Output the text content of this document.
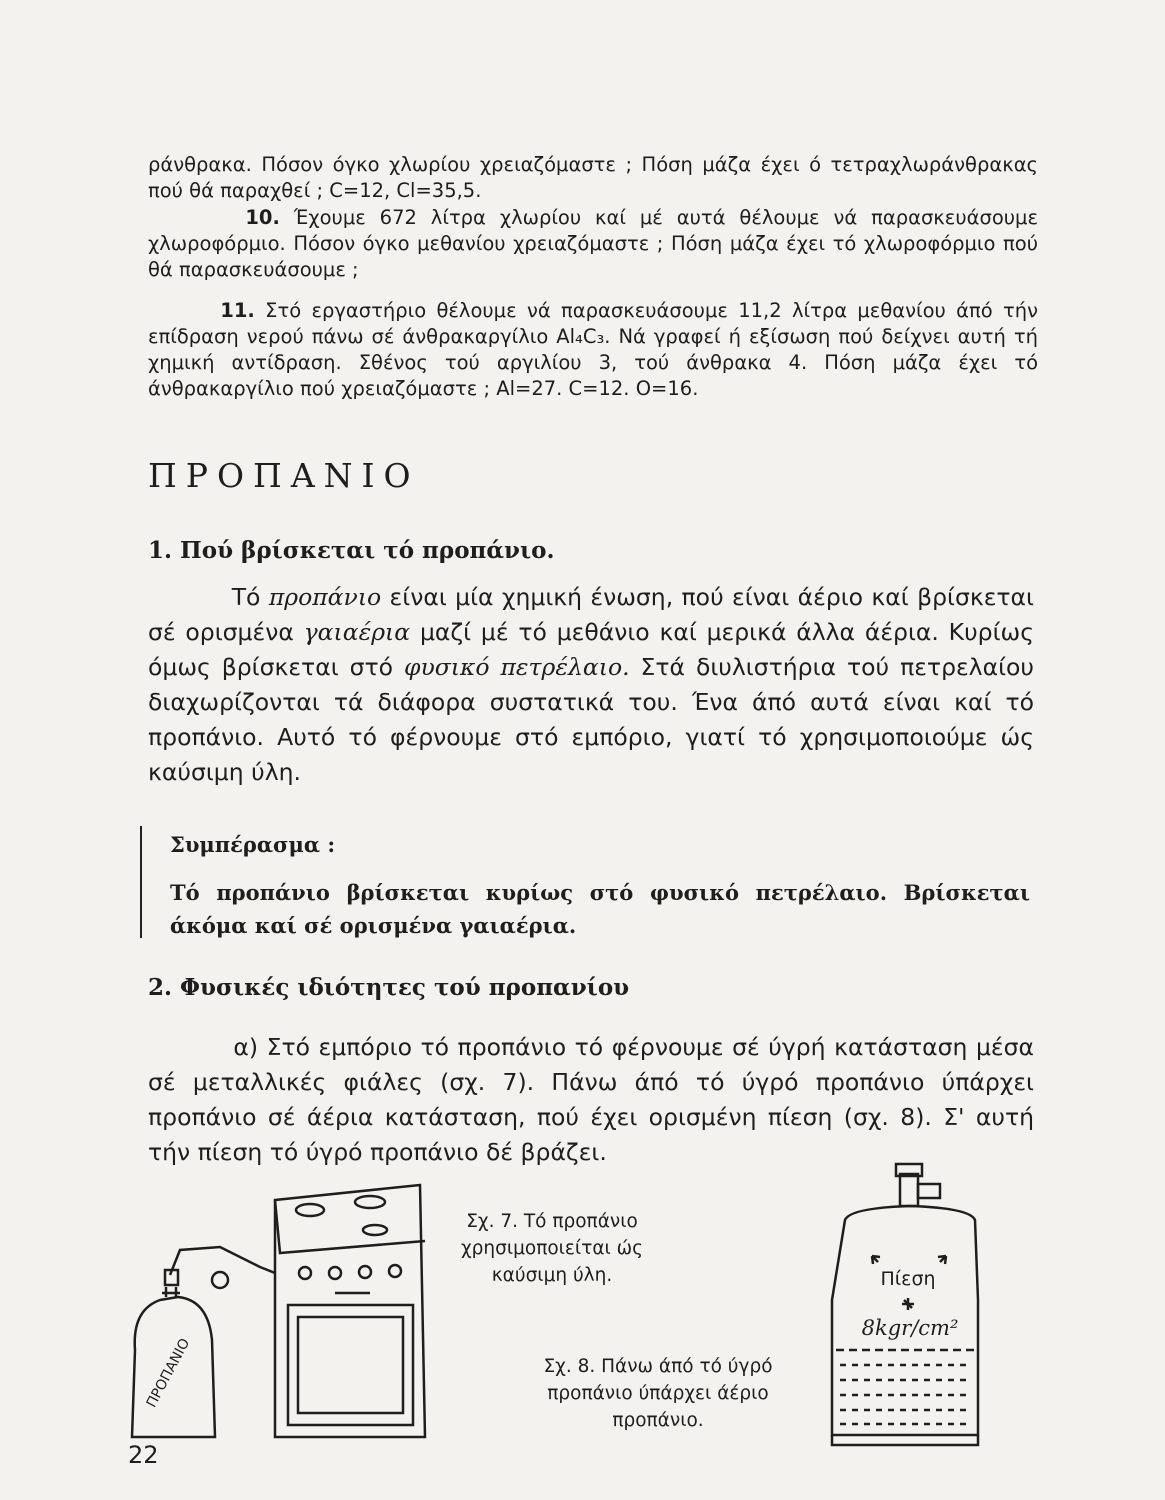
ράνθρακα. Πόσον όγκο χλωρίου χρειαζόμαστε ; Πόση μάζα έχει ό τετραχλωράνθρακας πού θά παραχθεί ; C=12, Cl=35,5.
10. Έχουμε 672 λίτρα χλωρίου καί μέ αυτά θέλουμε νά παρασκευάσουμε χλωροφόρμιο. Πόσον όγκο μεθανίου χρειαζόμαστε ; Πόση μάζα έχει τό χλωροφόρμιο πού θά παρασκευάσουμε ;
11. Στό εργαστήριο θέλουμε νά παρασκευάσουμε 11,2 λίτρα μεθανίου άπό τήν επίδραση νερού πάνω σέ άνθρακαργίλιο Al₄C₃. Νά γραφεί ή εξίσωση πού δείχνει αυτή τή χημική αντίδραση. Σθένος τού αργιλίου 3, τού άνθρακα 4. Πόση μάζα έχει τό άνθρακαργίλιο πού χρειαζόμαστε ; Al=27. C=12. O=16.
ΠΡΟΠΑΝΙΟ
1. Πού βρίσκεται τό προπάνιο.
Τό προπάνιο είναι μία χημική ένωση, πού είναι άέριο καί βρίσκεται σέ ορισμένα γαιαέρια μαζί μέ τό μεθάνιο καί μερικά άλλα άέρια. Κυρίως όμως βρίσκεται στό φυσικό πετρέλαιο. Στά διυλιστήρια τού πετρελαίου διαχωρίζονται τά διάφορα συστατικά του. Ένα άπό αυτά είναι καί τό προπάνιο. Αυτό τό φέρνουμε στό εμπόριο, γιατί τό χρησιμοποιούμε ώς καύσιμη ύλη.
Συμπέρασμα :
Τό προπάνιο βρίσκεται κυρίως στό φυσικό πετρέλαιο. Βρίσκεται άκόμα καί σέ ορισμένα γαιαέρια.
2. Φυσικές ιδιότητες τού προπανίου
α) Στό εμπόριο τό προπάνιο τό φέρνουμε σέ ύγρή κατάσταση μέσα σέ μεταλλικές φιάλες (σχ. 7). Πάνω άπό τό ύγρό προπάνιο ύπάρχει προπάνιο σέ άέρια κατάσταση, πού έχει ορισμένη πίεση (σχ. 8). Σ' αυτή τήν πίεση τό ύγρό προπάνιο δέ βράζει.
ΠΡΟΠΑΝΙΟ
Σχ. 7. Τό προπάνιο χρησιμοποιείται ώς καύσιμη ύλη.	Πίεση
8kgr/cm²
Σχ. 8. Πάνω άπό τό ύγρό προπάνιο ύπάρχει άέριο προπάνιο.
22
